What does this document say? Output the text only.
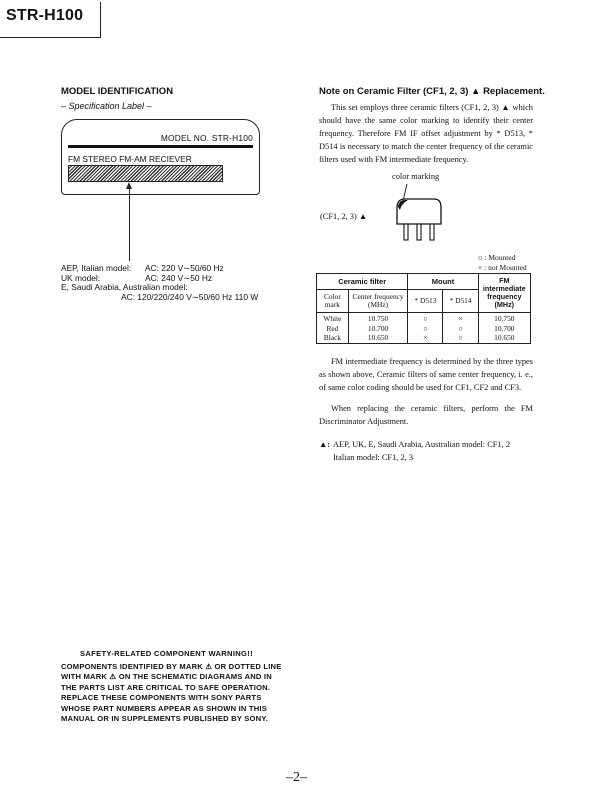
STR-H100
MODEL IDENTIFICATION
– Specification Label –
MODEL NO. STR-H100
FM STEREO FM-AM RECIEVER
AEP, Italian model: AC: 220 V∼50/60 Hz
UK model:	AC: 240 V∼50 Hz
E, Saudi Arabia, Australian model:
AC: 120/220/240 V∼50/60 Hz 110 W
Note on Ceramic Filter (CF1, 2, 3) ▲ Replacement.
This set employs three ceramic filters (CF1, 2, 3) ▲ which should have the same color marking to identify their center frequency. Therefore FM IF offset adjustment by * D513, * D514 is necessary to match the center frequency of the ceramic filters used with FM intermediate frequency.
color marking
(CF1, 2, 3) ▲
○ : Mounted
× : not Mounted
Ceramic filter		Mount		FM intermediate frequency (MHz)
Color mark	Center frequency (MHz)	* D513	* D514	
White	10.750	○	×	10.750
Red	10.700	○	○	10.700
Black	10.650	×	○	10.650
FM intermediate frequency is determined by the three types as shown above, Ceramic filters of same center frequency, i. e., of same color coding should be used for CF1, CF2 and CF3.
When replacing the ceramic filters, perform the FM Discriminator Adjustment.
▲: AEP, UK, E, Saudi Arabia, Australian model: CF1, 2
Italian model: CF1, 2, 3
SAFETY-RELATED COMPONENT WARNING!!
COMPONENTS IDENTIFIED BY MARK ⚠ OR DOTTED LINE WITH MARK ⚠ ON THE SCHEMATIC DIAGRAMS AND IN THE PARTS LIST ARE CRITICAL TO SAFE OPERATION. REPLACE THESE COMPONENTS WITH SONY PARTS WHOSE PART NUMBERS APPEAR AS SHOWN IN THIS MANUAL OR IN SUPPLEMENTS PUBLISHED BY SONY.
–2–
